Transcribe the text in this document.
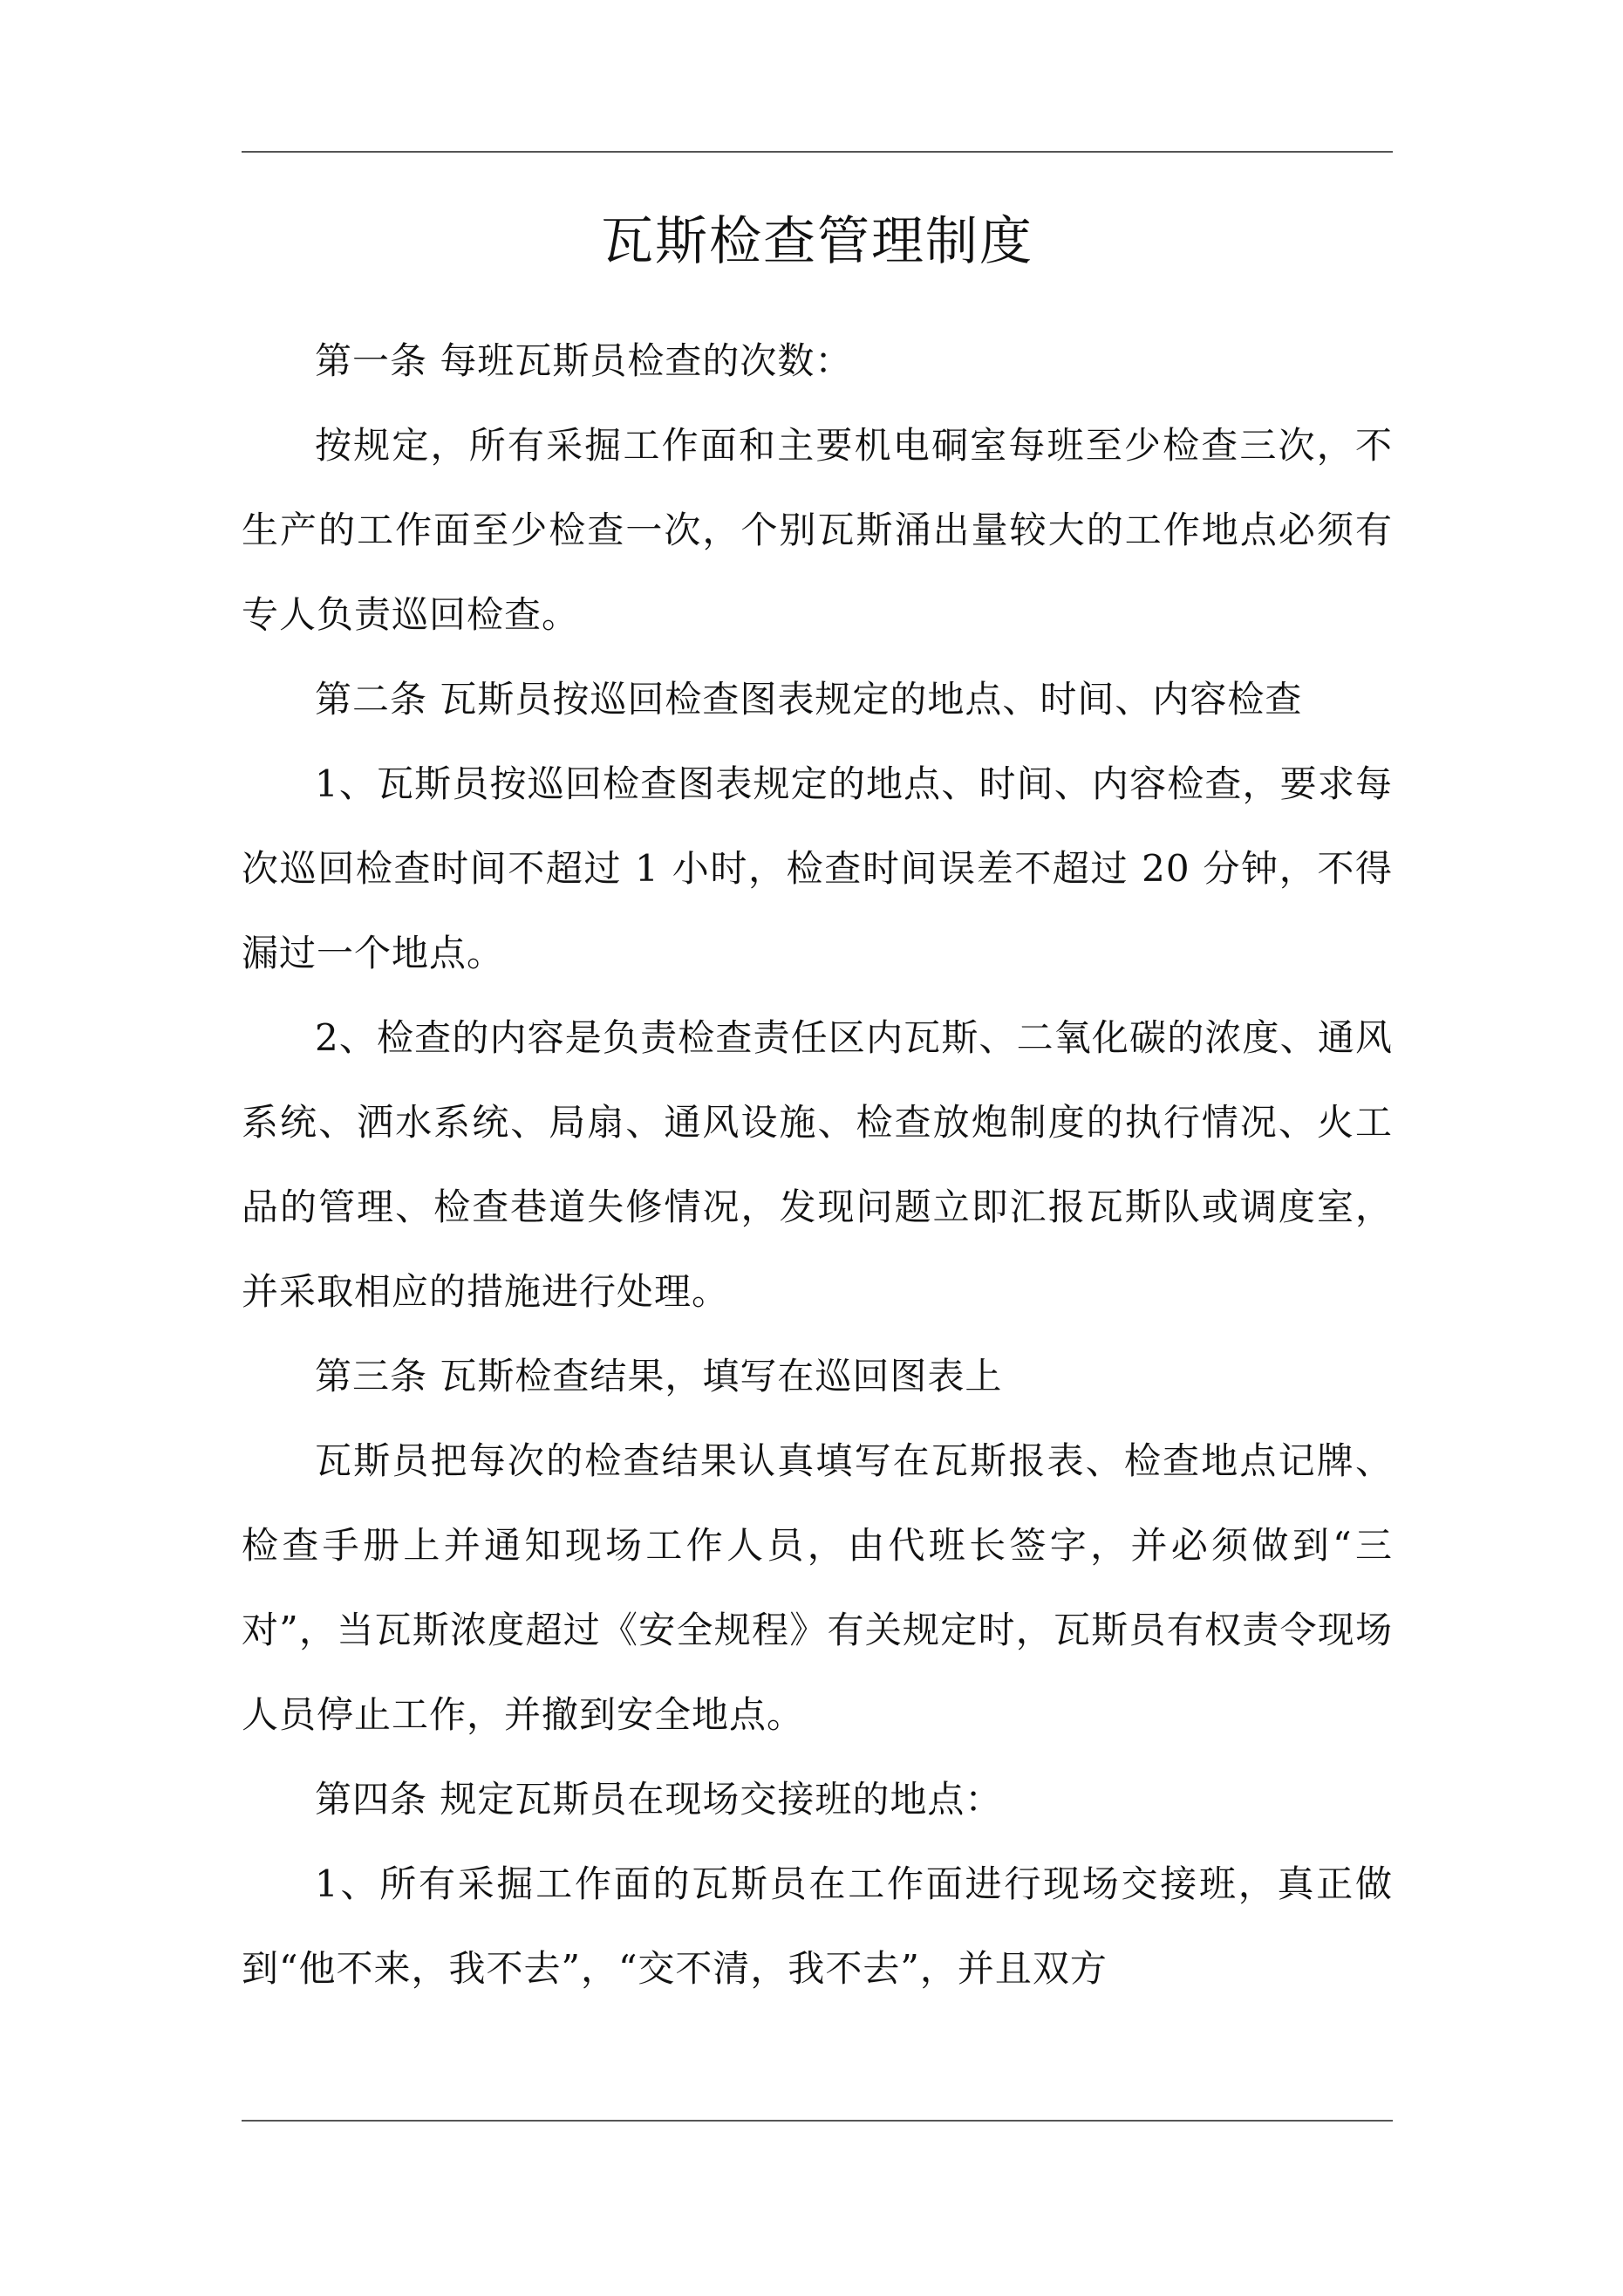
瓦斯检查管理制度

第一条 每班瓦斯员检查的次数：

按规定，所有采掘工作面和主要机电硐室每班至少检查三次，不生产的工作面至少检查一次，个别瓦斯涌出量较大的工作地点必须有专人负责巡回检查。

第二条 瓦斯员按巡回检查图表规定的地点、时间、内容检查

1、瓦斯员按巡回检查图表规定的地点、时间、内容检查，要求每次巡回检查时间不超过 1 小时，检查时间误差不超过 20 分钟，不得漏过一个地点。

2、检查的内容是负责检查责任区内瓦斯、二氧化碳的浓度、通风系统、洒水系统、局扇、通风设施、检查放炮制度的执行情况、火工品的管理、检查巷道失修情况，发现问题立即汇报瓦斯队或调度室，并采取相应的措施进行处理。

第三条 瓦斯检查结果，填写在巡回图表上

瓦斯员把每次的检查结果认真填写在瓦斯报表、检查地点记牌、检查手册上并通知现场工作人员，由代班长签字，并必须做到“三对”，当瓦斯浓度超过《安全规程》有关规定时，瓦斯员有权责令现场人员停止工作，并撤到安全地点。

第四条 规定瓦斯员在现场交接班的地点：

1、所有采掘工作面的瓦斯员在工作面进行现场交接班，真正做到“他不来，我不去”，“交不清，我不去”，并且双方
